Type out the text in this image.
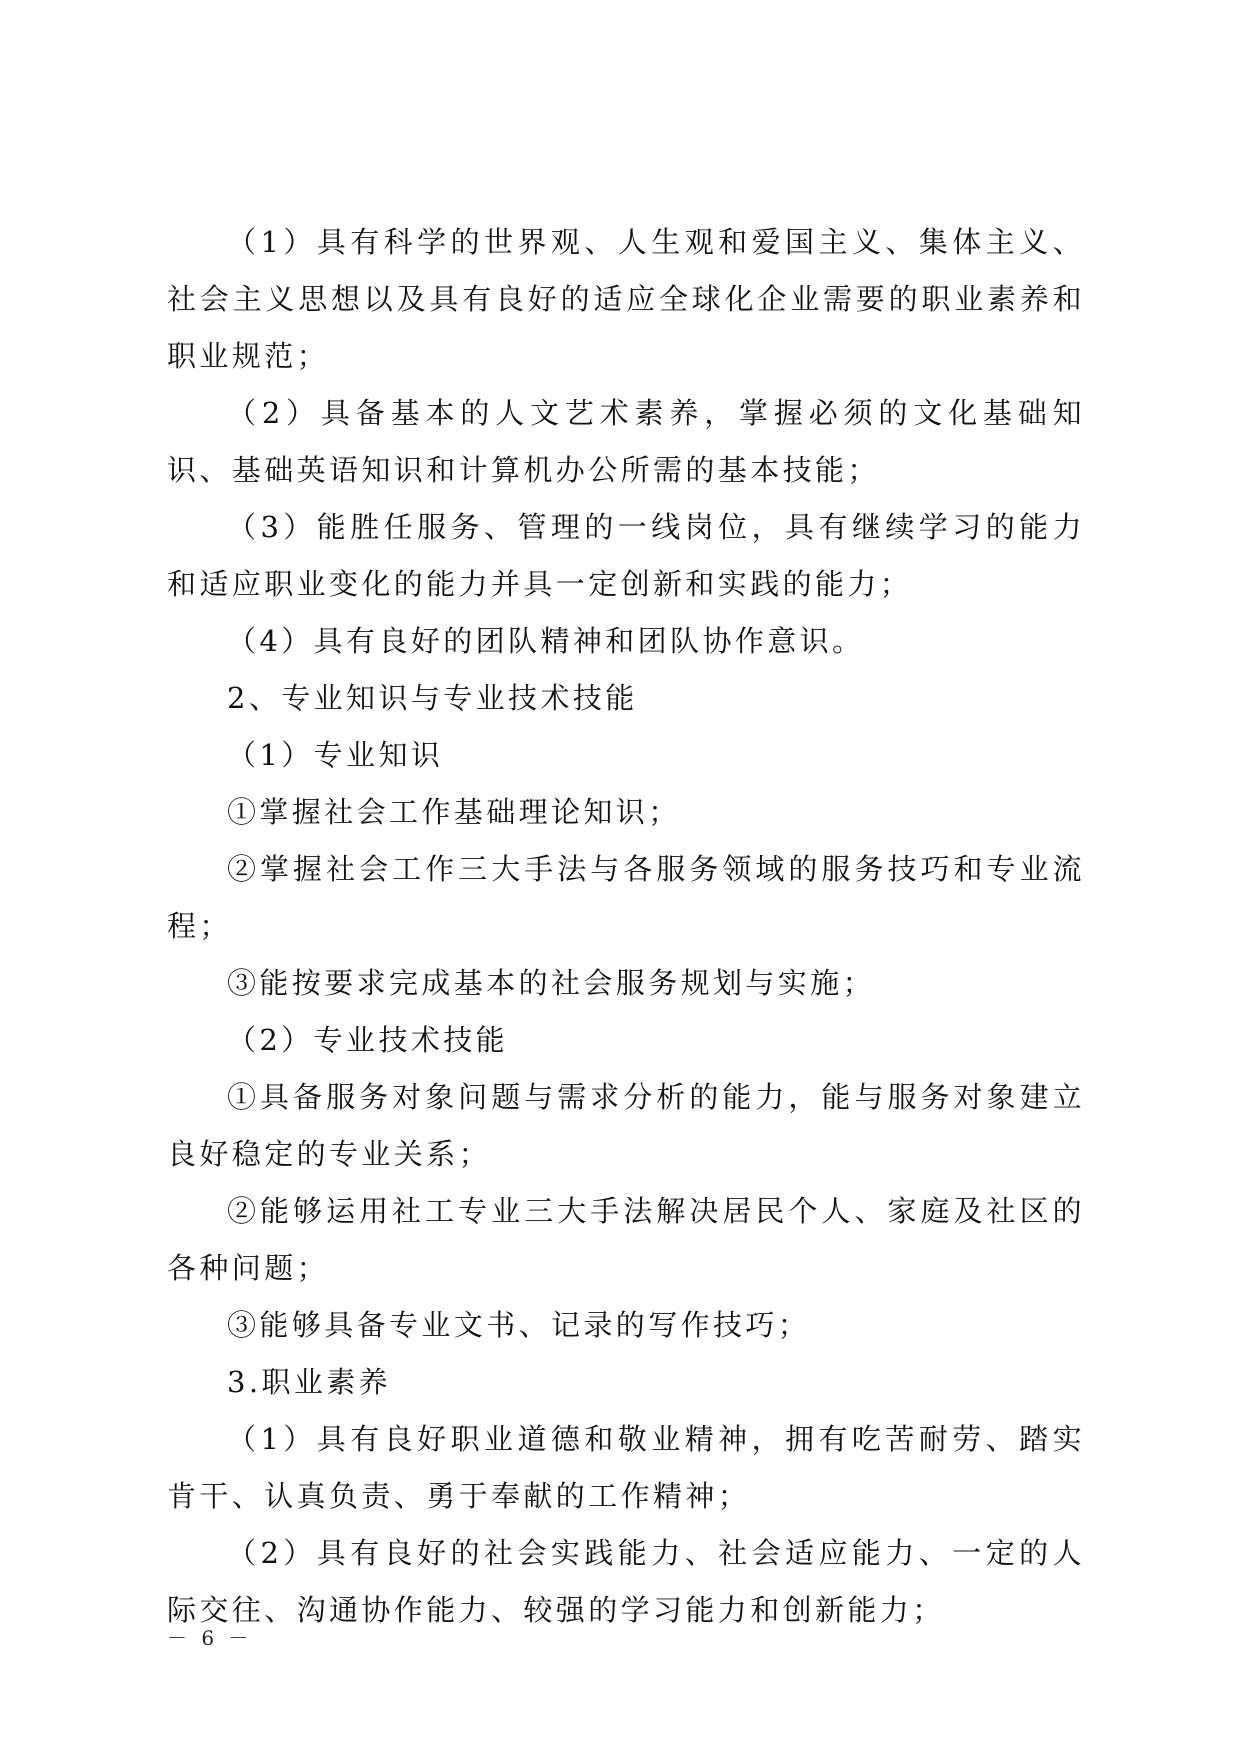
（1）具有科学的世界观、人生观和爱国主义、集体主义、社会主义思想以及具有良好的适应全球化企业需要的职业素养和职业规范；

（2）具备基本的人文艺术素养，掌握必须的文化基础知识、基础英语知识和计算机办公所需的基本技能；

（3）能胜任服务、管理的一线岗位，具有继续学习的能力和适应职业变化的能力并具一定创新和实践的能力；

（4）具有良好的团队精神和团队协作意识。

2、专业知识与专业技术技能

（1）专业知识

①掌握社会工作基础理论知识；

②掌握社会工作三大手法与各服务领域的服务技巧和专业流程；

③能按要求完成基本的社会服务规划与实施；

（2）专业技术技能

①具备服务对象问题与需求分析的能力，能与服务对象建立良好稳定的专业关系；

②能够运用社工专业三大手法解决居民个人、家庭及社区的各种问题；

③能够具备专业文书、记录的写作技巧；

3.职业素养

（1）具有良好职业道德和敬业精神，拥有吃苦耐劳、踏实肯干、认真负责、勇于奉献的工作精神；

（2）具有良好的社会实践能力、社会适应能力、一定的人际交往、沟通协作能力、较强的学习能力和创新能力；

－ 6 －
